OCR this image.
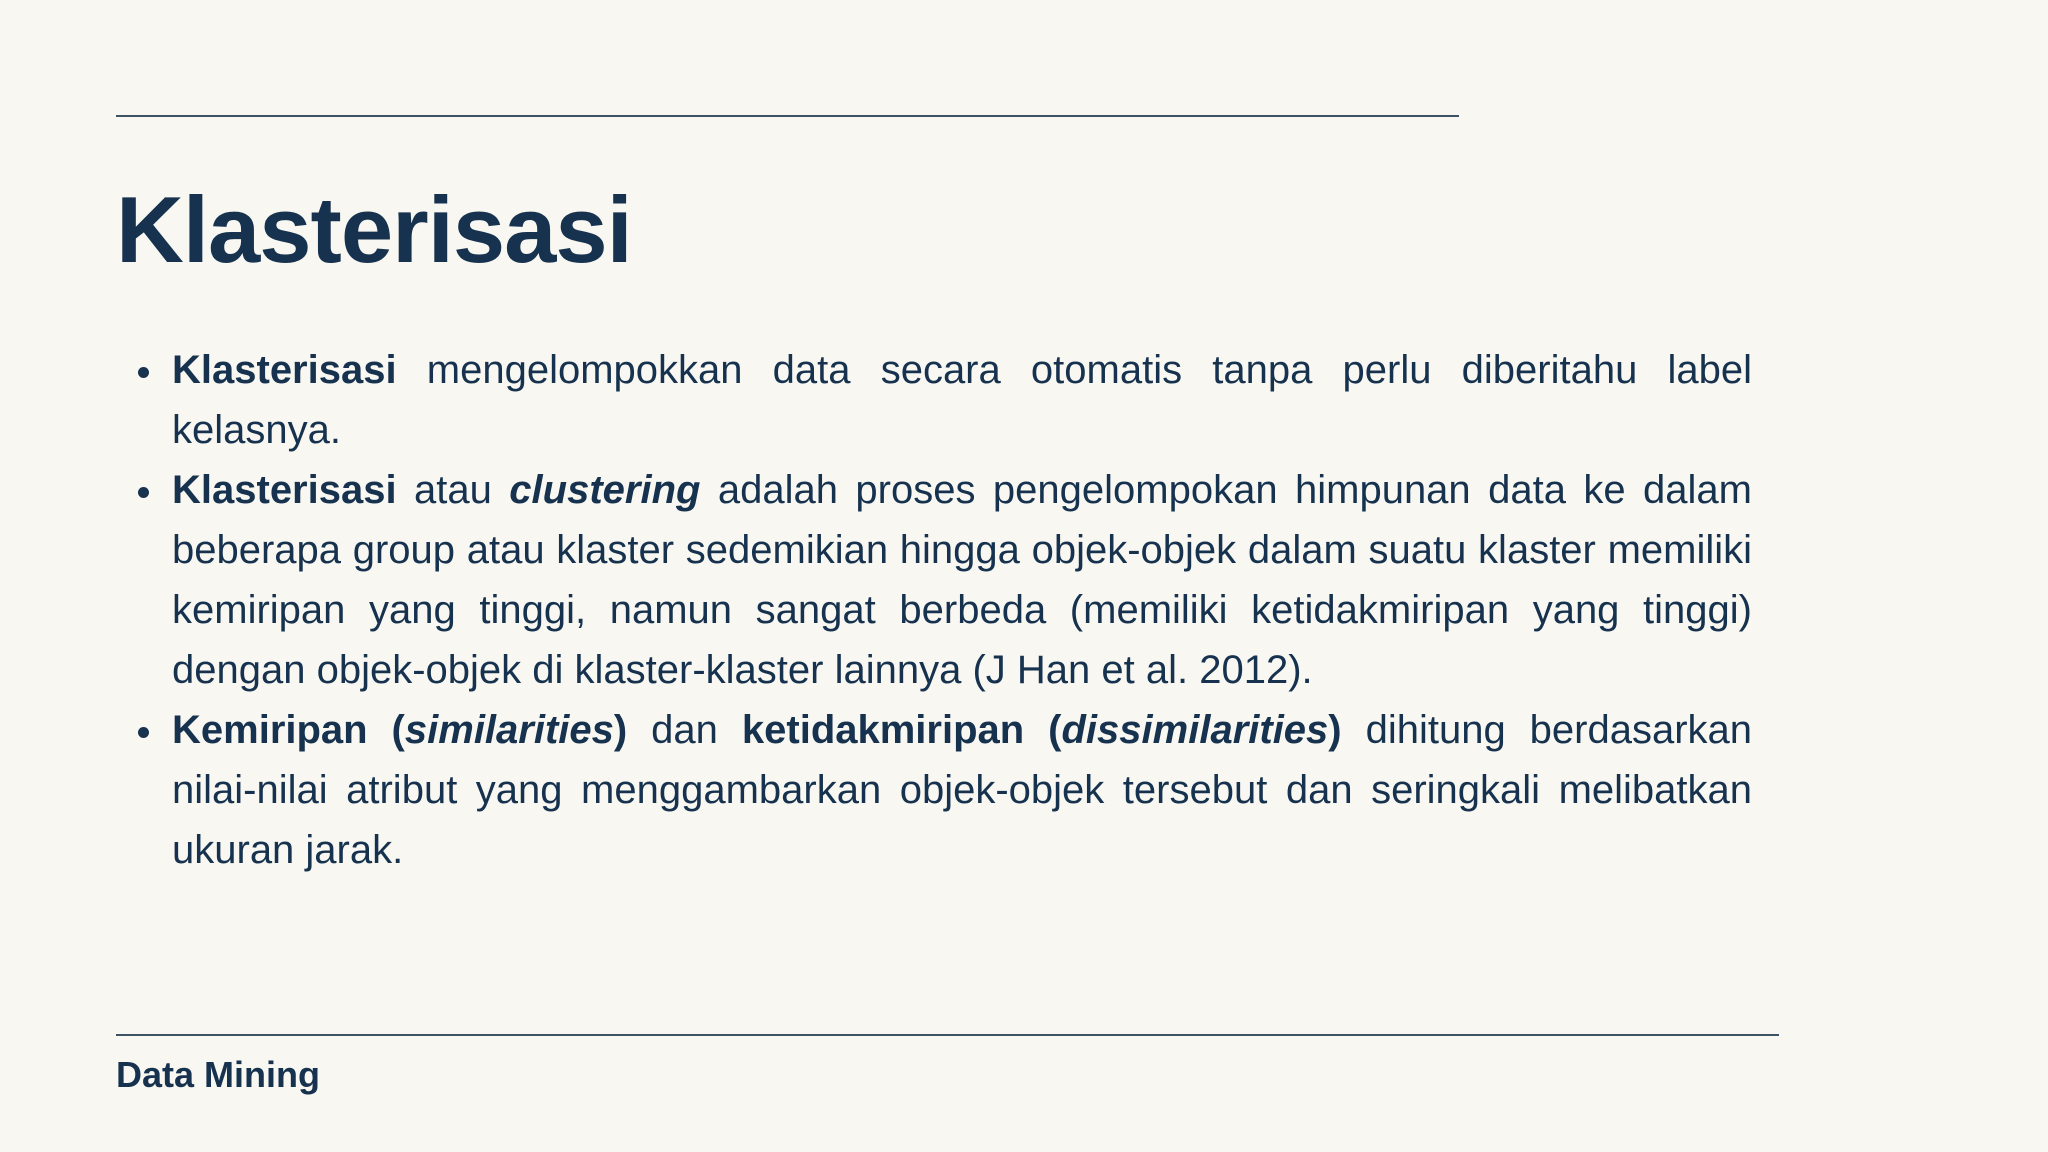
Klasterisasi
Klasterisasi mengelompokkan data secara otomatis tanpa perlu diberitahu label kelasnya.
Klasterisasi atau clustering adalah proses pengelompokan himpunan data ke dalam beberapa group atau klaster sedemikian hingga objek-objek dalam suatu klaster memiliki kemiripan yang tinggi, namun sangat berbeda (memiliki ketidakmiripan yang tinggi) dengan objek-objek di klaster-klaster lainnya (J Han et al. 2012).
Kemiripan (similarities) dan ketidakmiripan (dissimilarities) dihitung berdasarkan nilai-nilai atribut yang menggambarkan objek-objek tersebut dan seringkali melibatkan ukuran jarak.
Data Mining
